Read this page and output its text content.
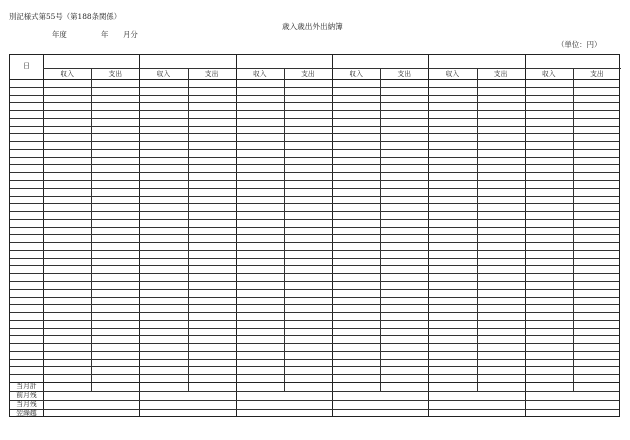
別記様式第55号（第188条関係）
年度	年 月分
歳入歳出外出納簿
（単位：円）
日
収入	支出	収入	支出	収入	支出	収入	支出	収入	支出	収入	支出
当月計
前月残
当月残
翌繰越
